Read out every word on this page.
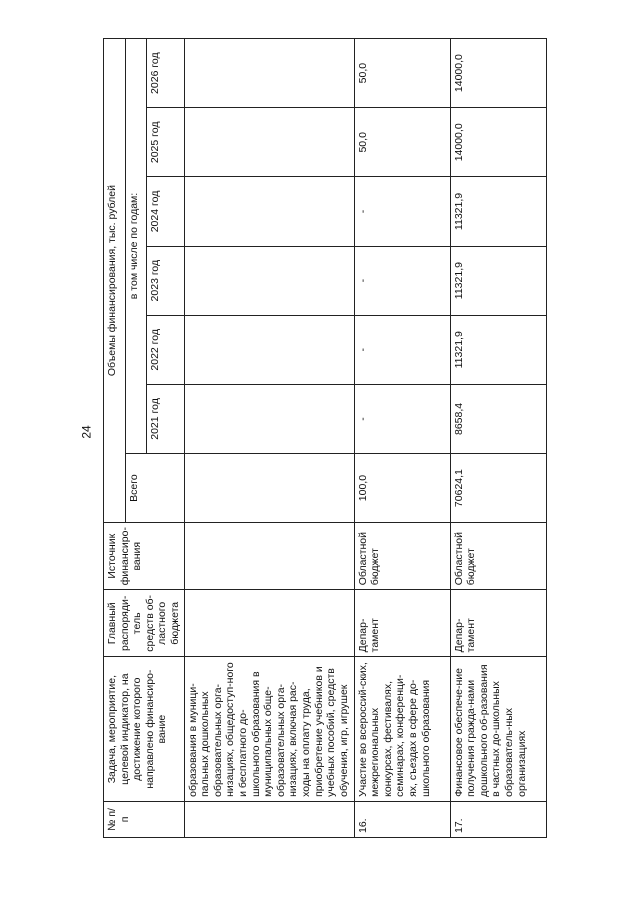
24
№ п/п	Задача, мероприятие, целевой индикатор, на достижение которого направлено финансиро-вание	Главный распоряди-тель средств об-ластного бюджета	Источник финансиро-вания	Объемы финансирования, тыс. рублей						
				Всего	в том числе по годам:					
					2021 год	2022 год	2023 год	2024 год	2025 год	2026 год
	образования в муници-пальных дошкольных образовательных орга-низациях, общедоступ-ного и бесплатного до-школьного образования в муниципальных обще-образовательных орга-низациях, включая рас-ходы на оплату труда, приобретение учебников и учебных пособий, средств обучения, игр, игрушек									
16.	Участие во всероссий-ских, межрегиональных конкурсах, фестивалях, семинарах, конференци-ях, съездах в сфере до-школьного образования	Депар-тамент	Областной бюджет	100,0	-	-	-	-	50,0	50,0
17.	Финансовое обеспече-ние получения гражда-нами дошкольного об-разования в частных до-школьных образователь-ных организациях	Депар-тамент	Областной бюджет	70624,1	8658,4	11321,9	11321,9	11321,9	14000,0	14000,0
